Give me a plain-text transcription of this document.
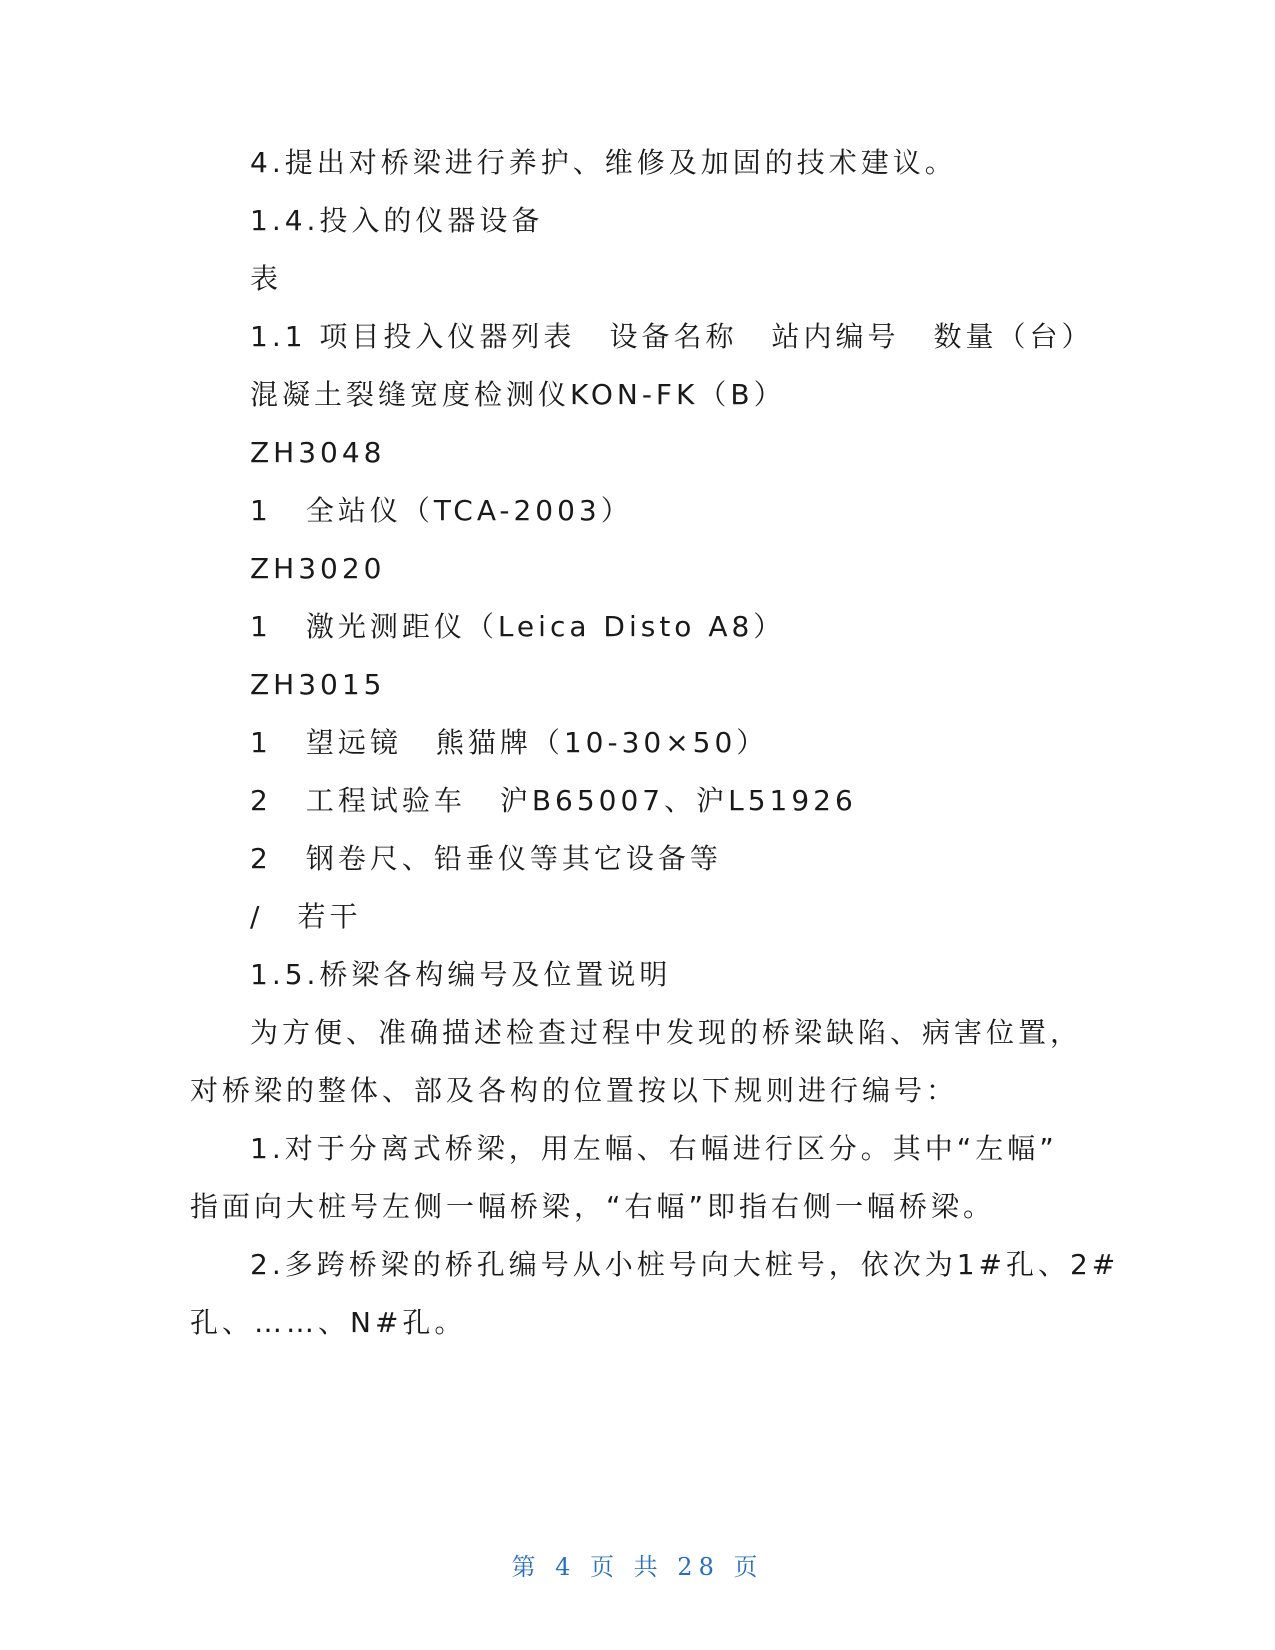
4.提出对桥梁进行养护、维修及加固的技术建议。
1.4.投入的仪器设备
表
1.1 项目投入仪器列表 设备名称 站内编号 数量（台）
混凝土裂缝宽度检测仪KON-FK（B）
ZH3048
1 全站仪（TCA-2003）
ZH3020
1 激光测距仪（Leica Disto A8）
ZH3015
1 望远镜 熊猫牌（10-30×50）
2 工程试验车 沪B65007、沪L51926
2 钢卷尺、铅垂仪等其它设备等
/ 若干
1.5.桥梁各构编号及位置说明
为方便、准确描述检查过程中发现的桥梁缺陷、病害位置，
对桥梁的整体、部及各构的位置按以下规则进行编号：
1.对于分离式桥梁，用左幅、右幅进行区分。其中“左幅”
指面向大桩号左侧一幅桥梁，“右幅”即指右侧一幅桥梁。
2.多跨桥梁的桥孔编号从小桩号向大桩号，依次为1#孔、2#
孔、……、N#孔。
第 4 页 共 28 页
